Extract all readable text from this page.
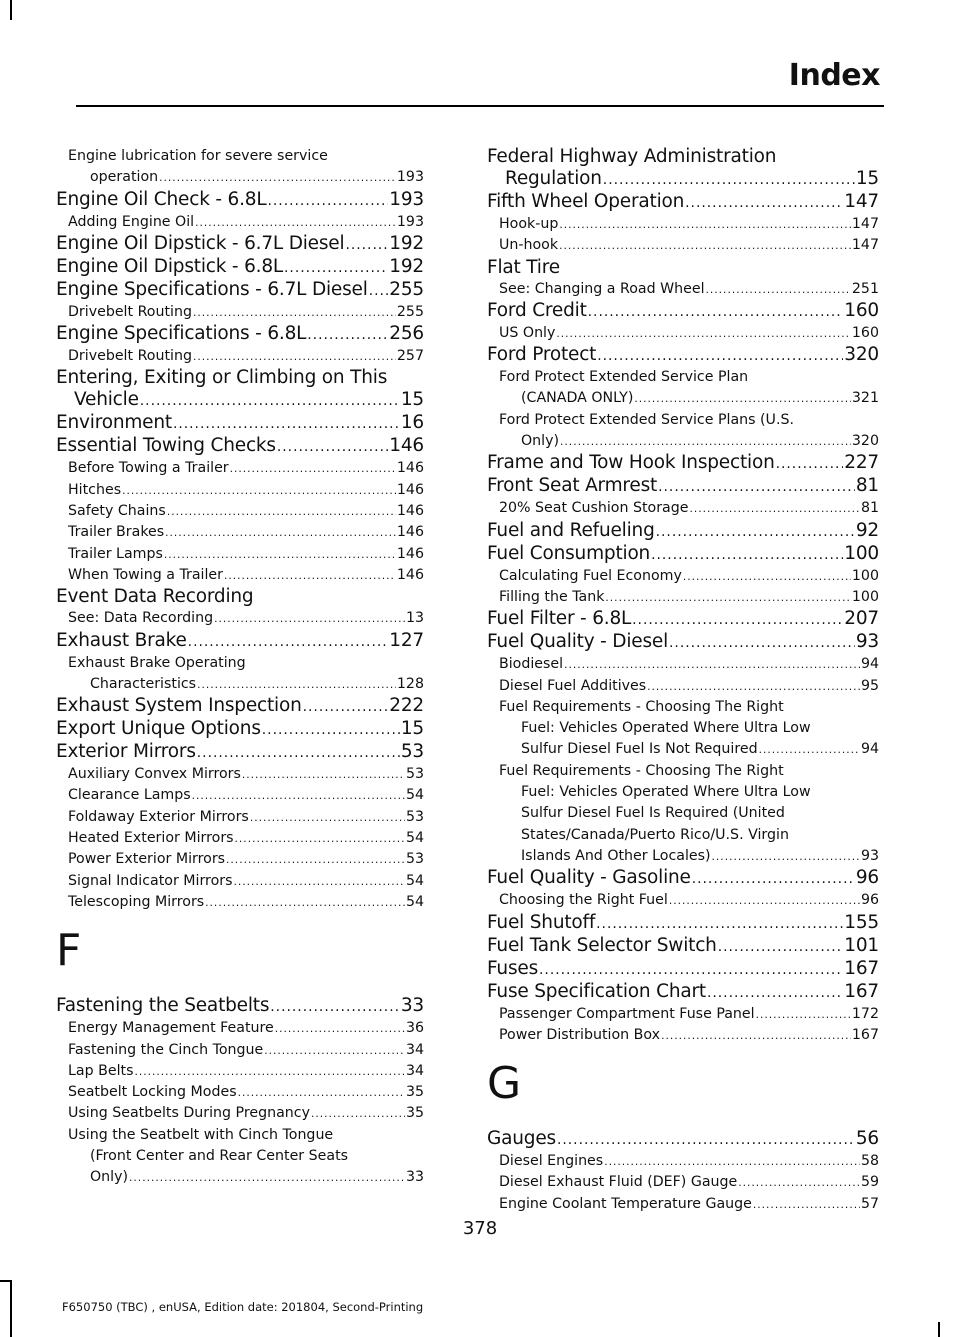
Index
Engine lubrication for severe service
operation .....	193
Engine Oil Check - 6.8L .....	193
Adding Engine Oil .....	193
Engine Oil Dipstick - 6.7L Diesel ..... 192
Engine Oil Dipstick - 6.8L .....	192
Engine Specifications - 6.7L Diesel ..... 255
Drivebelt Routing .....	255
Engine Specifications - 6.8L .....	256
Drivebelt Routing .....	257
Entering, Exiting or Climbing on This
Vehicle .....	15
Environment .....	16
Essential Towing Checks .....	146
Before Towing a Trailer .....	146
Hitches .....	146
Safety Chains .....	146
Trailer Brakes .....	146
Trailer Lamps .....	146
When Towing a Trailer .....	146
Event Data Recording
See: Data Recording .....	13
Exhaust Brake .....	127
Exhaust Brake Operating
Characteristics .....	128
Exhaust System Inspection .....	222
Export Unique Options .....	15
Exterior Mirrors .....	53
Auxiliary Convex Mirrors .....	53
Clearance Lamps .....	54
Foldaway Exterior Mirrors .....	53
Heated Exterior Mirrors .....	54
Power Exterior Mirrors .....	53
Signal Indicator Mirrors .....	54
Telescoping Mirrors .....	54
F
Fastening the Seatbelts .....	33
Energy Management Feature .....	36
Fastening the Cinch Tongue .....	34
Lap Belts .....	34
Seatbelt Locking Modes .....	35
Using Seatbelts During Pregnancy .....	35
Using the Seatbelt with Cinch Tongue
(Front Center and Rear Center Seats
Only) .....	33
Federal Highway Administration
Regulation .....	15
Fifth Wheel Operation .....	147
Hook-up .....	147
Un-hook .....	147
Flat Tire
See: Changing a Road Wheel .....	251
Ford Credit .....	160
US Only .....	160
Ford Protect .....	320
Ford Protect Extended Service Plan
(CANADA ONLY) .....	321
Ford Protect Extended Service Plans (U.S.
Only) .....	320
Frame and Tow Hook Inspection .....	227
Front Seat Armrest .....	81
20% Seat Cushion Storage .....	81
Fuel and Refueling .....	92
Fuel Consumption .....	100
Calculating Fuel Economy .....	100
Filling the Tank .....	100
Fuel Filter - 6.8L .....	207
Fuel Quality - Diesel .....	93
Biodiesel .....	94
Diesel Fuel Additives .....	95
Fuel Requirements - Choosing The Right
Fuel: Vehicles Operated Where Ultra Low
Sulfur Diesel Fuel Is Not Required .....	94
Fuel Requirements - Choosing The Right
Fuel: Vehicles Operated Where Ultra Low
Sulfur Diesel Fuel Is Required (United
States/Canada/Puerto Rico/U.S. Virgin
Islands And Other Locales) .....	93
Fuel Quality - Gasoline .....	96
Choosing the Right Fuel .....	96
Fuel Shutoff .....	155
Fuel Tank Selector Switch .....	101
Fuses .....	167
Fuse Specification Chart .....	167
Passenger Compartment Fuse Panel .....	172
Power Distribution Box .....	167
G
Gauges .....	56
Diesel Engines .....	58
Diesel Exhaust Fluid (DEF) Gauge .....	59
Engine Coolant Temperature Gauge .....	57
378
F650750 (TBC) , enUSA, Edition date: 201804, Second-Printing
